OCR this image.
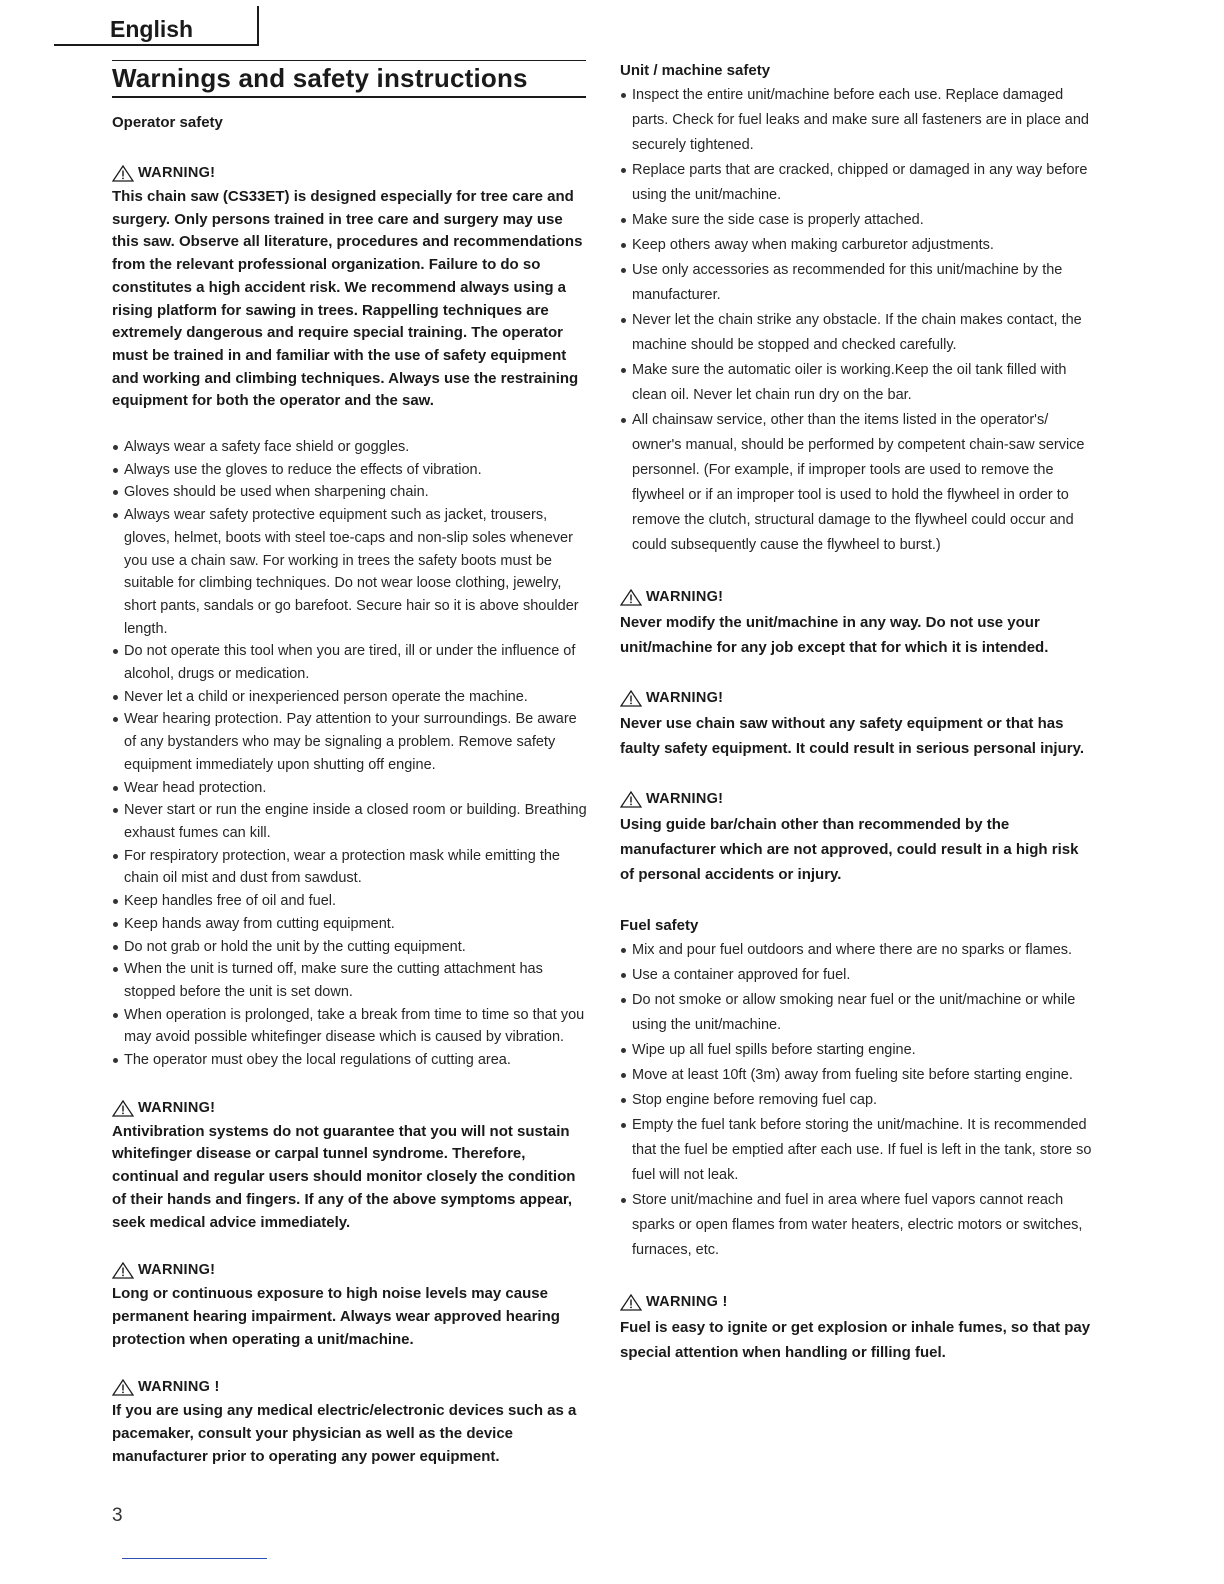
English
Warnings and safety instructions

Operator safety

WARNING!

This chain saw (CS33ET) is designed especially for tree care and surgery. Only persons trained in tree care and surgery may use this saw. Observe all literature, procedures and recommendations from the relevant professional organization. Failure to do so constitutes a high accident risk. We recommend always using a rising platform for sawing in trees. Rappelling techniques are extremely dangerous and require special training. The operator must be trained in and familiar with the use of safety equipment and working and climbing techniques. Always use the restraining equipment for both the operator and the saw.

Always wear a safety face shield or goggles.
Always use the gloves to reduce the effects of vibration.
Gloves should be used when sharpening chain.
Always wear safety protective equipment such as jacket, trousers, gloves, helmet, boots with steel toe-caps and non-slip soles whenever you use a chain saw. For working in trees the safety boots must be suitable for climbing techniques. Do not wear loose clothing, jewelry, short pants, sandals or go barefoot. Secure hair so it is above shoulder length.
Do not operate this tool when you are tired, ill or under the influence of alcohol, drugs or medication.
Never let a child or inexperienced person operate the machine.
Wear hearing protection. Pay attention to your surroundings. Be aware of any bystanders who may be signaling a problem. Remove safety equipment immediately upon shutting off engine.
Wear head protection.
Never start or run the engine inside a closed room or building. Breathing exhaust fumes can kill.
For respiratory protection, wear a protection mask while emitting the chain oil mist and dust from sawdust.
Keep handles free of oil and fuel.
Keep hands away from cutting equipment.
Do not grab or hold the unit by the cutting equipment.
When the unit is turned off, make sure the cutting attachment has stopped before the unit is set down.
When operation is prolonged, take a break from time to time so that you may avoid possible whitefinger disease which is caused by vibration.
The operator must obey the local regulations of cutting area.

WARNING!

Antivibration systems do not guarantee that you will not sustain whitefinger disease or carpal tunnel syndrome. Therefore, continual and regular users should monitor closely the condition of their hands and fingers. If any of the above symptoms appear, seek medical advice immediately.

WARNING!

Long or continuous exposure to high noise levels may cause permanent hearing impairment. Always wear approved hearing protection when operating a unit/machine.

WARNING !

If you are using any medical electric/electronic devices such as a pacemaker, consult your physician as well as the device manufacturer prior to operating any power equipment.

Unit / machine safety

Inspect the entire unit/machine before each use. Replace damaged parts. Check for fuel leaks and make sure all fasteners are in place and securely tightened.
Replace parts that are cracked, chipped or damaged in any way before using the unit/machine.
Make sure the side case is properly attached.
Keep others away when making carburetor adjustments.
Use only accessories as recommended for this unit/machine by the manufacturer.
Never let the chain strike any obstacle. If the chain makes contact, the machine should be stopped and checked carefully.
Make sure the automatic oiler is working.Keep the oil tank filled with clean oil. Never let chain run dry on the bar.
All chainsaw service, other than the items listed in the operator's/ owner's manual, should be performed by competent chain-saw service personnel. (For example, if improper tools are used to remove the flywheel or if an improper tool is used to hold the flywheel in order to remove the clutch, structural damage to the flywheel could occur and could subsequently cause the flywheel to burst.)

WARNING!

Never modify the unit/machine in any way. Do not use your unit/machine for any job except that for which it is intended.

WARNING!

Never use chain saw without any safety equipment or that has faulty safety equipment. It could result in serious personal injury.

WARNING!

Using guide bar/chain other than recommended by the manufacturer which are not approved, could result in a high risk of personal accidents or injury.

Fuel safety

Mix and pour fuel outdoors and where there are no sparks or flames.
Use a container approved for fuel.
Do not smoke or allow smoking near fuel or the unit/machine or while using the unit/machine.
Wipe up all fuel spills before starting engine.
Move at least 10ft (3m) away from fueling site before starting engine.
Stop engine before removing fuel cap.
Empty the fuel tank before storing the unit/machine. It is recommended that the fuel be emptied after each use. If fuel is left in the tank, store so fuel will not leak.
Store unit/machine and fuel in area where fuel vapors cannot reach sparks or open flames from water heaters, electric motors or switches, furnaces, etc.

WARNING !

Fuel is easy to ignite or get explosion or inhale fumes, so that pay special attention when handling or filling fuel.

3
